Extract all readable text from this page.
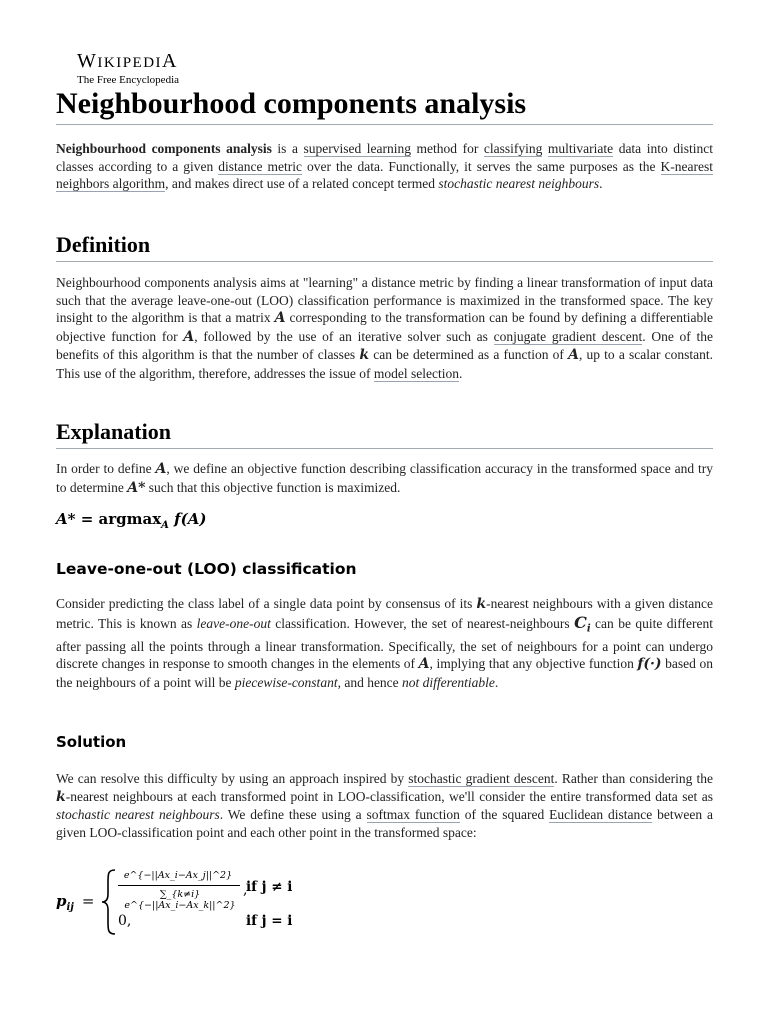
WIKIPEDIA
The Free Encyclopedia
Neighbourhood components analysis

Neighbourhood components analysis is a supervised learning method for classifying multivariate data into distinct classes according to a given distance metric over the data. Functionally, it serves the same purposes as the K-nearest neighbors algorithm, and makes direct use of a related concept termed stochastic nearest neighbours.

Definition

Neighbourhood components analysis aims at "learning" a distance metric by finding a linear transformation of input data such that the average leave-one-out (LOO) classification performance is maximized in the transformed space. The key insight to the algorithm is that a matrix A corresponding to the transformation can be found by defining a differentiable objective function for A, followed by the use of an iterative solver such as conjugate gradient descent. One of the benefits of this algorithm is that the number of classes k can be determined as a function of A, up to a scalar constant. This use of the algorithm, therefore, addresses the issue of model selection.

Explanation

In order to define A, we define an objective function describing classification accuracy in the transformed space and try to determine A* such that this objective function is maximized.

A* = argmax$_A$ f(A)
Leave-one-out (LOO) classification

Consider predicting the class label of a single data point by consensus of its k-nearest neighbours with a given distance metric. This is known as leave-one-out classification. However, the set of nearest-neighbours $C_i$ can be quite different after passing all the points through a linear transformation. Specifically, the set of neighbours for a point can undergo discrete changes in response to smooth changes in the elements of A, implying that any objective function f(·) based on the neighbours of a point will be piecewise-constant, and hence not differentiable.

Solution

We can resolve this difficulty by using an approach inspired by stochastic gradient descent. Rather than considering the k-nearest neighbours at each transformed point in LOO-classification, we'll consider the entire transformed data set as stochastic nearest neighbours. We define these using a softmax function of the squared Euclidean distance between a given LOO-classification point and each other point in the transformed space:

$p_{ij}$ =
e^{−||Ax_i−Ax_j||^2}
∑_{k≠i} e^{−||Ax_i−Ax_k||^2}
,
if j ≠ i
0,	if j = i
